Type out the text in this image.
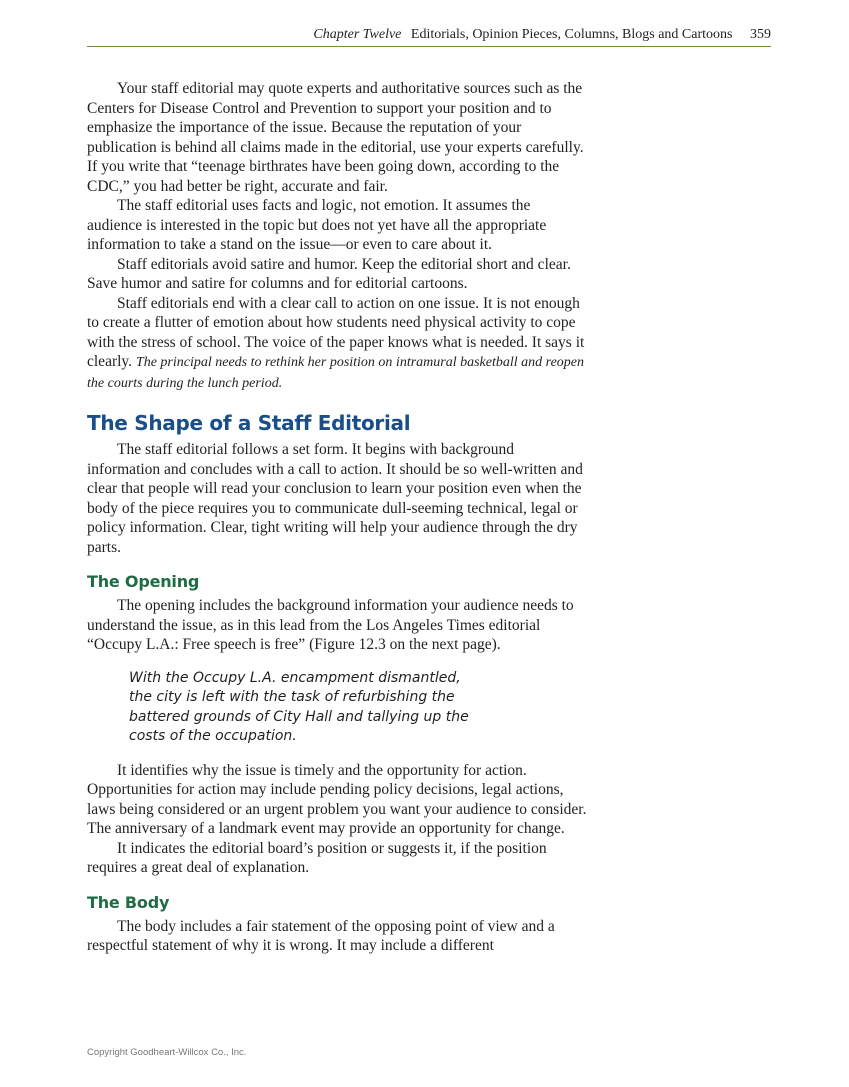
Chapter Twelve Editorials, Opinion Pieces, Columns, Blogs and Cartoons 359

Your staff editorial may quote experts and authoritative sources such as the Centers for Disease Control and Prevention to support your position and to emphasize the importance of the issue. Because the reputation of your publication is behind all claims made in the editorial, use your experts carefully. If you write that “teenage birthrates have been going down, according to the CDC,” you had better be right, accurate and fair.

The staff editorial uses facts and logic, not emotion. It assumes the audience is interested in the topic but does not yet have all the appropriate information to take a stand on the issue—or even to care about it.

Staff editorials avoid satire and humor. Keep the editorial short and clear. Save humor and satire for columns and for editorial cartoons.

Staff editorials end with a clear call to action on one issue. It is not enough to create a flutter of emotion about how students need physical activity to cope with the stress of school. The voice of the paper knows what is needed. It says it clearly. The principal needs to rethink her position on intramural basketball and reopen the courts during the lunch period.

The Shape of a Staff Editorial

The staff editorial follows a set form. It begins with background information and concludes with a call to action. It should be so well-written and clear that people will read your conclusion to learn your position even when the body of the piece requires you to communicate dull-seeming technical, legal or policy information. Clear, tight writing will help your audience through the dry parts.

The Opening

The opening includes the background information your audience needs to understand the issue, as in this lead from the Los Angeles Times editorial “Occupy L.A.: Free speech is free” (Figure 12.3 on the next page).

With the Occupy L.A. encampment dismantled, the city is left with the task of refurbishing the battered grounds of City Hall and tallying up the costs of the occupation.

It identifies why the issue is timely and the opportunity for action. Opportunities for action may include pending policy decisions, legal actions, laws being considered or an urgent problem you want your audience to consider. The anniversary of a landmark event may provide an opportunity for change.

It indicates the editorial board’s position or suggests it, if the position requires a great deal of explanation.

The Body

The body includes a fair statement of the opposing point of view and a respectful statement of why it is wrong. It may include a different

Copyright Goodheart-Willcox Co., Inc.
